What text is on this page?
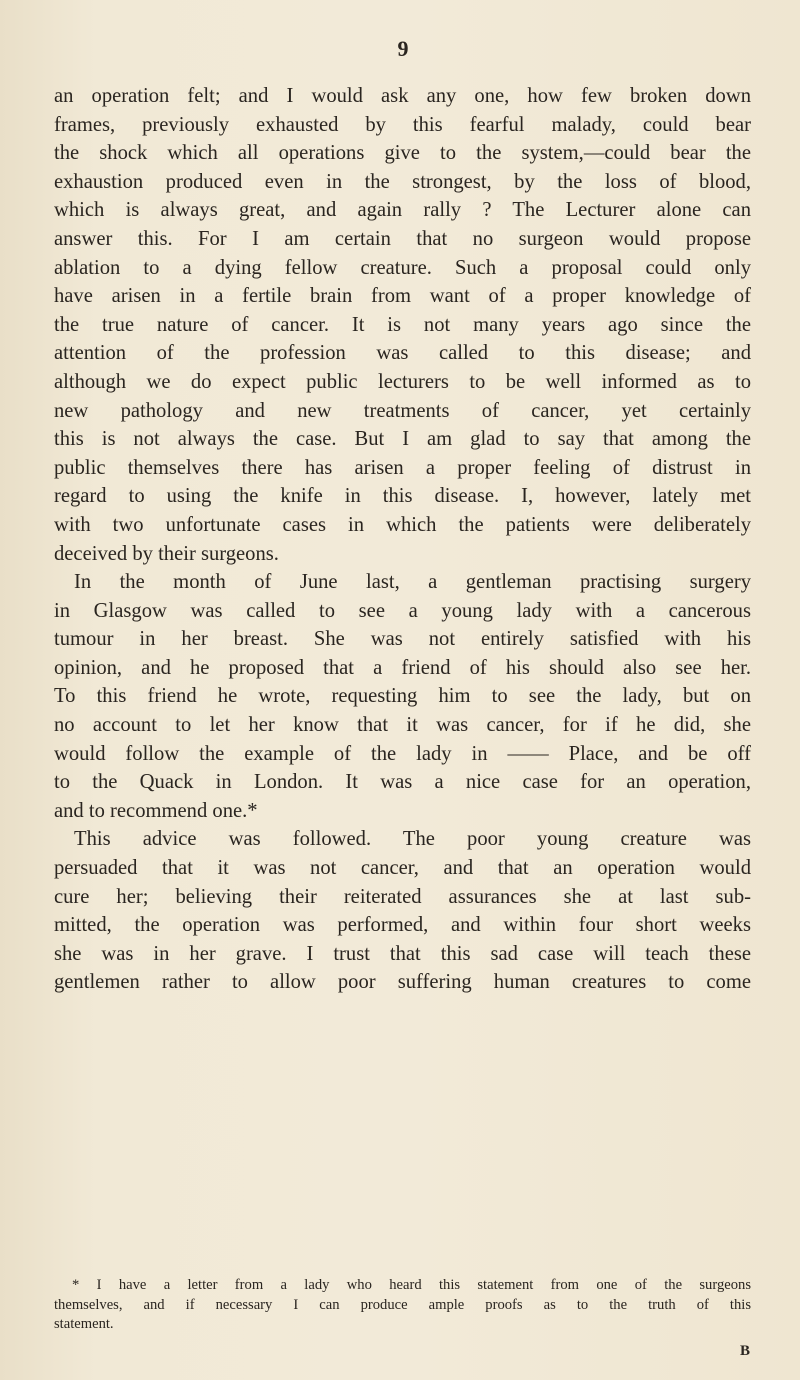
9
an operation felt; and I would ask any one, how few broken down
frames, previously exhausted by this fearful malady, could bear
the shock which all operations give to the system,—could bear the
exhaustion produced even in the strongest, by the loss of blood,
which is always great, and again rally ? The Lecturer alone can
answer this. For I am certain that no surgeon would propose
ablation to a dying fellow creature. Such a proposal could only
have arisen in a fertile brain from want of a proper knowledge of
the true nature of cancer. It is not many years ago since the
attention of the profession was called to this disease; and
although we do expect public lecturers to be well informed as to
new pathology and new treatments of cancer, yet certainly
this is not always the case. But I am glad to say that among the
public themselves there has arisen a proper feeling of distrust in
regard to using the knife in this disease. I, however, lately met
with two unfortunate cases in which the patients were deliberately
deceived by their surgeons.
In the month of June last, a gentleman practising surgery
in Glasgow was called to see a young lady with a cancerous
tumour in her breast. She was not entirely satisfied with his
opinion, and he proposed that a friend of his should also see her.
To this friend he wrote, requesting him to see the lady, but on
no account to let her know that it was cancer, for if he did, she
would follow the example of the lady in —— Place, and be off
to the Quack in London. It was a nice case for an operation,
and to recommend one.*
This advice was followed. The poor young creature was
persuaded that it was not cancer, and that an operation would
cure her; believing their reiterated assurances she at last sub-
mitted, the operation was performed, and within four short weeks
she was in her grave. I trust that this sad case will teach these
gentlemen rather to allow poor suffering human creatures to come
* I have a letter from a lady who heard this statement from one of the surgeons
themselves, and if necessary I can produce ample proofs as to the truth of this
statement.
B
